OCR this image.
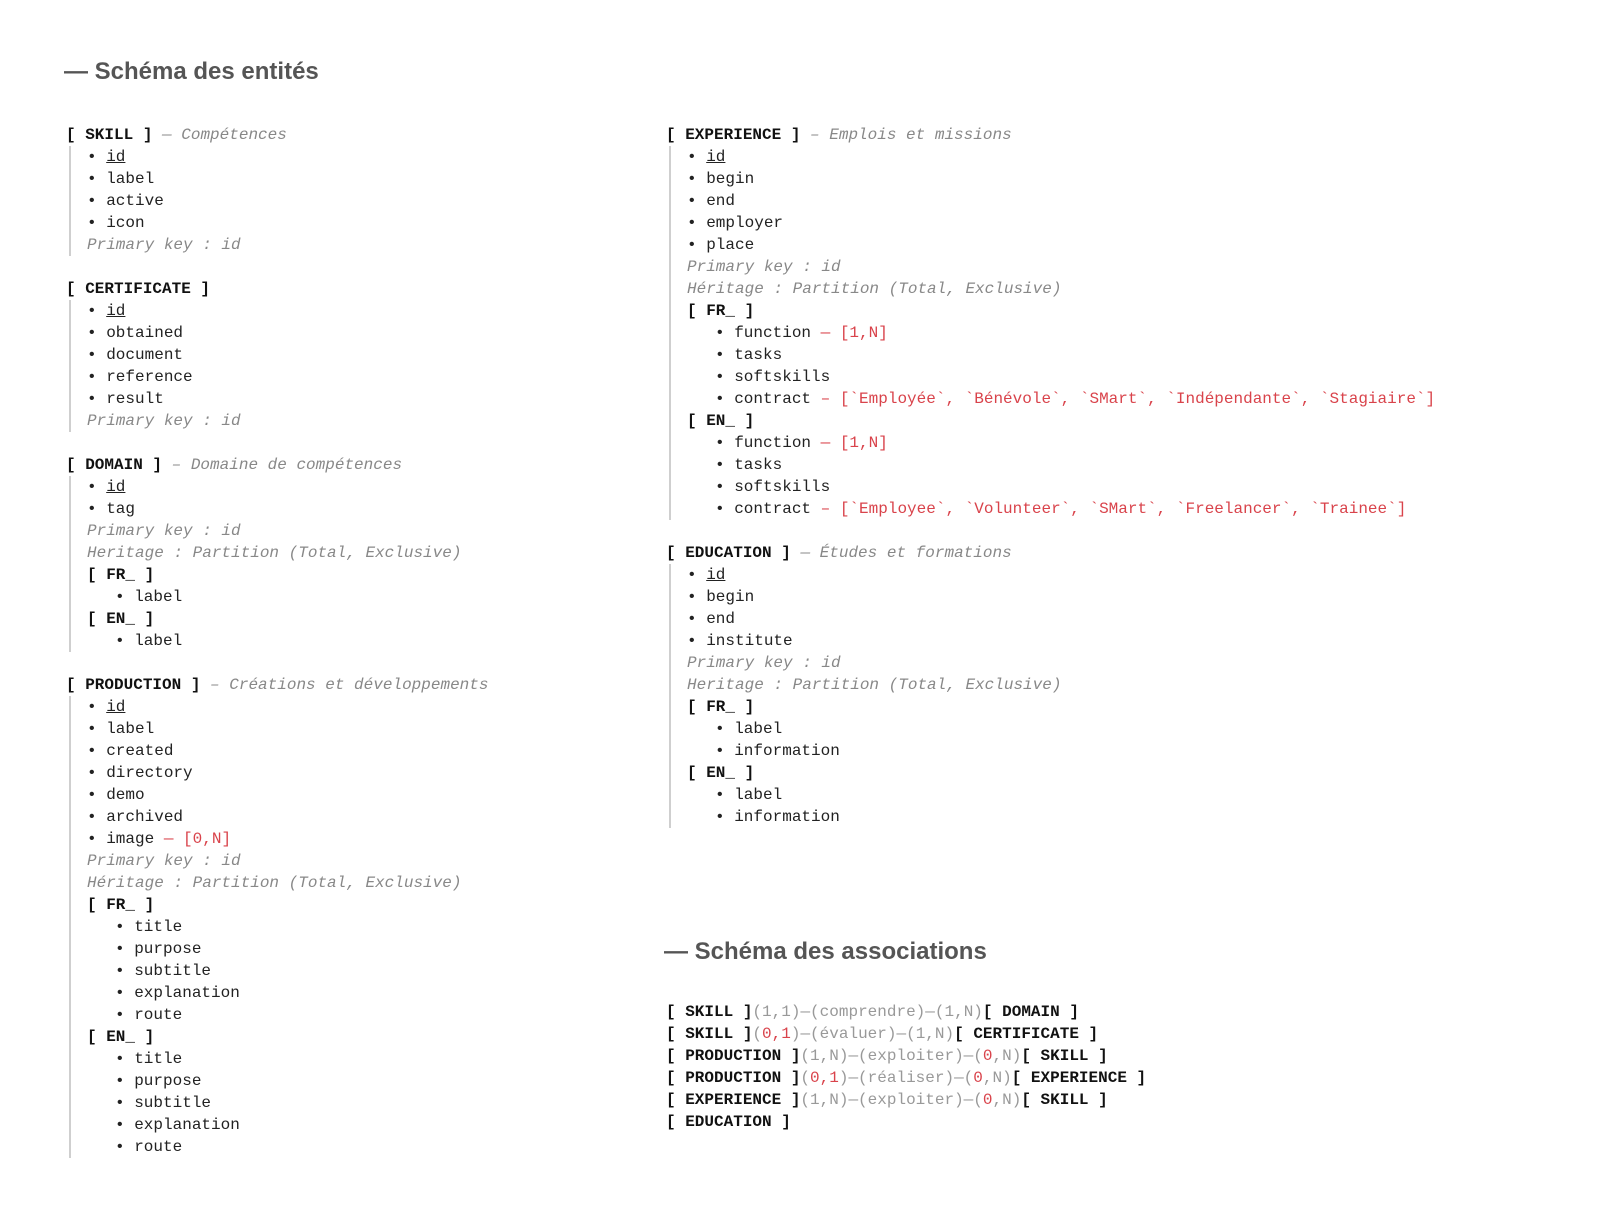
— Schéma des entités
[ SKILL ] — Compétences
• id
• label
• active
• icon
Primary key : id
[ CERTIFICATE ]
• id
• obtained
• document
• reference
• result
Primary key : id
[ DOMAIN ] – Domaine de compétences
• id
• tag
Primary key : id
Heritage : Partition (Total, Exclusive)
[ FR_ ]
• label
[ EN_ ]
• label
[ PRODUCTION ] – Créations et développements
• id
• label
• created
• directory
• demo
• archived
• image — [0,N]
Primary key : id
Héritage : Partition (Total, Exclusive)
[ FR_ ]
• title
• purpose
• subtitle
• explanation
• route
[ EN_ ]
• title
• purpose
• subtitle
• explanation
• route
[ EXPERIENCE ] – Emplois et missions
• id
• begin
• end
• employer
• place
Primary key : id
Héritage : Partition (Total, Exclusive)
[ FR_ ]
• function — [1,N]
• tasks
• softskills
• contract – [`Employée`, `Bénévole`, `SMart`, `Indépendante`, `Stagiaire`]
[ EN_ ]
• function — [1,N]
• tasks
• softskills
• contract – [`Employee`, `Volunteer`, `SMart`, `Freelancer`, `Trainee`]
[ EDUCATION ] — Études et formations
• id
• begin
• end
• institute
Primary key : id
Heritage : Partition (Total, Exclusive)
[ FR_ ]
• label
• information
[ EN_ ]
• label
• information
— Schéma des associations
[ SKILL ](1,1)—(comprendre)—(1,N)[ DOMAIN ]
[ SKILL ](0,1)—(évaluer)—(1,N)[ CERTIFICATE ]
[ PRODUCTION ](1,N)—(exploiter)—(0,N)[ SKILL ]
[ PRODUCTION ](0,1)—(réaliser)—(0,N)[ EXPERIENCE ]
[ EXPERIENCE ](1,N)—(exploiter)—(0,N)[ SKILL ]
[ EDUCATION ]
